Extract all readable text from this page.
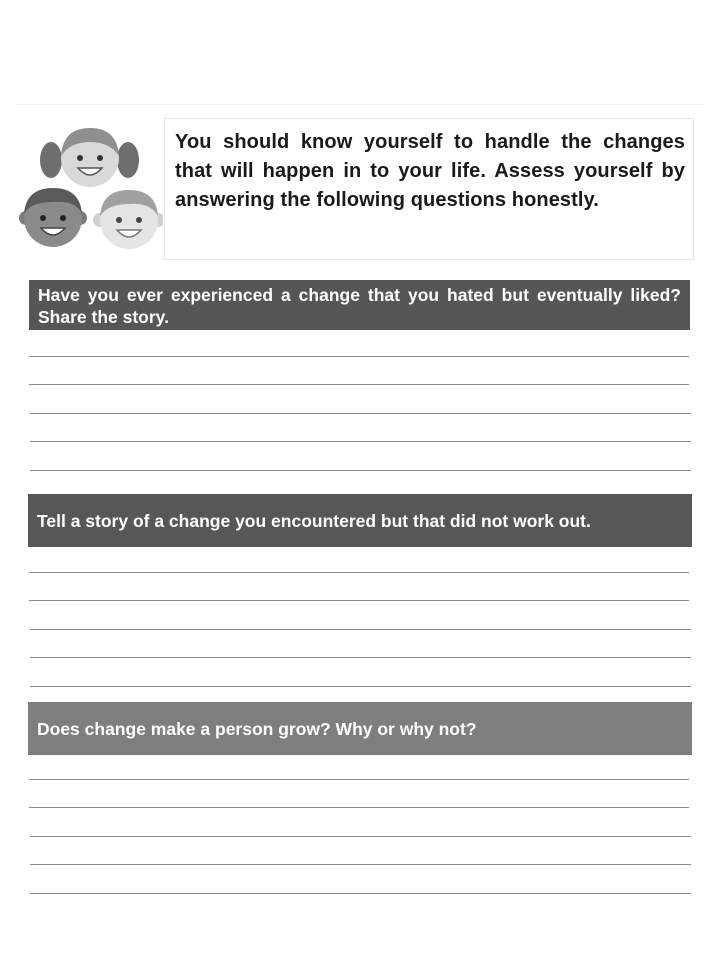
You should know yourself to handle the changes that will happen in to your life. Assess yourself by answering the following questions honestly.

Have you ever experienced a change that you hated but eventually liked? Share the story.
Tell a story of a change you encountered but that did not work out.
Does change make a person grow? Why or why not?
